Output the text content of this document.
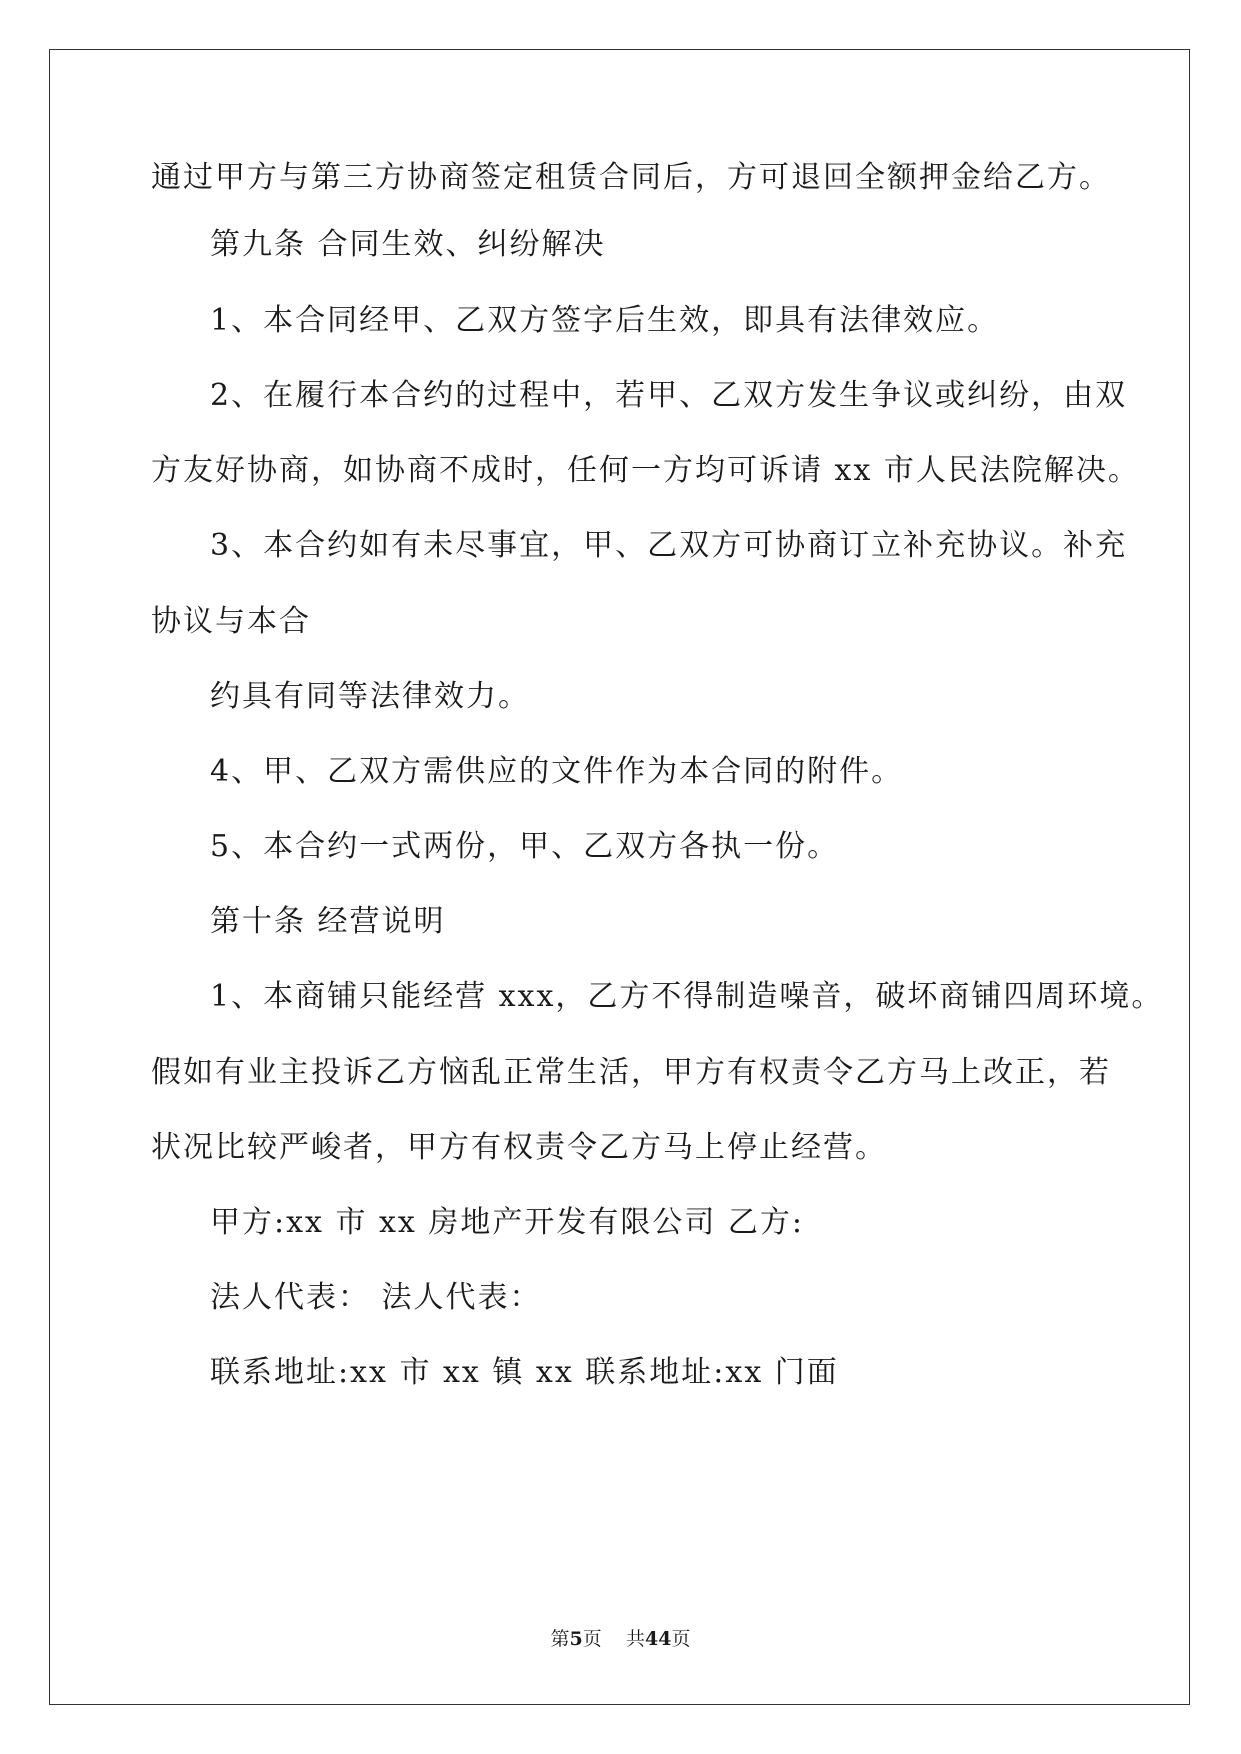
通过甲方与第三方协商签定租赁合同后，方可退回全额押金给乙方。
第九条 合同生效、纠纷解决
1、本合同经甲、乙双方签字后生效，即具有法律效应。
2、在履行本合约的过程中，若甲、乙双方发生争议或纠纷，由双
方友好协商，如协商不成时，任何一方均可诉请 xx 市人民法院解决。
3、本合约如有未尽事宜，甲、乙双方可协商订立补充协议。补充
协议与本合
约具有同等法律效力。
4、甲、乙双方需供应的文件作为本合同的附件。
5、本合约一式两份，甲、乙双方各执一份。
第十条 经营说明
1、本商铺只能经营 xxx，乙方不得制造噪音，破坏商铺四周环境。
假如有业主投诉乙方恼乱正常生活，甲方有权责令乙方马上改正，若
状况比较严峻者，甲方有权责令乙方马上停止经营。
甲方:xx 市 xx 房地产开发有限公司 乙方:
法人代表： 法人代表：
联系地址:xx 市 xx 镇 xx 联系地址:xx 门面
第5页 共44页
